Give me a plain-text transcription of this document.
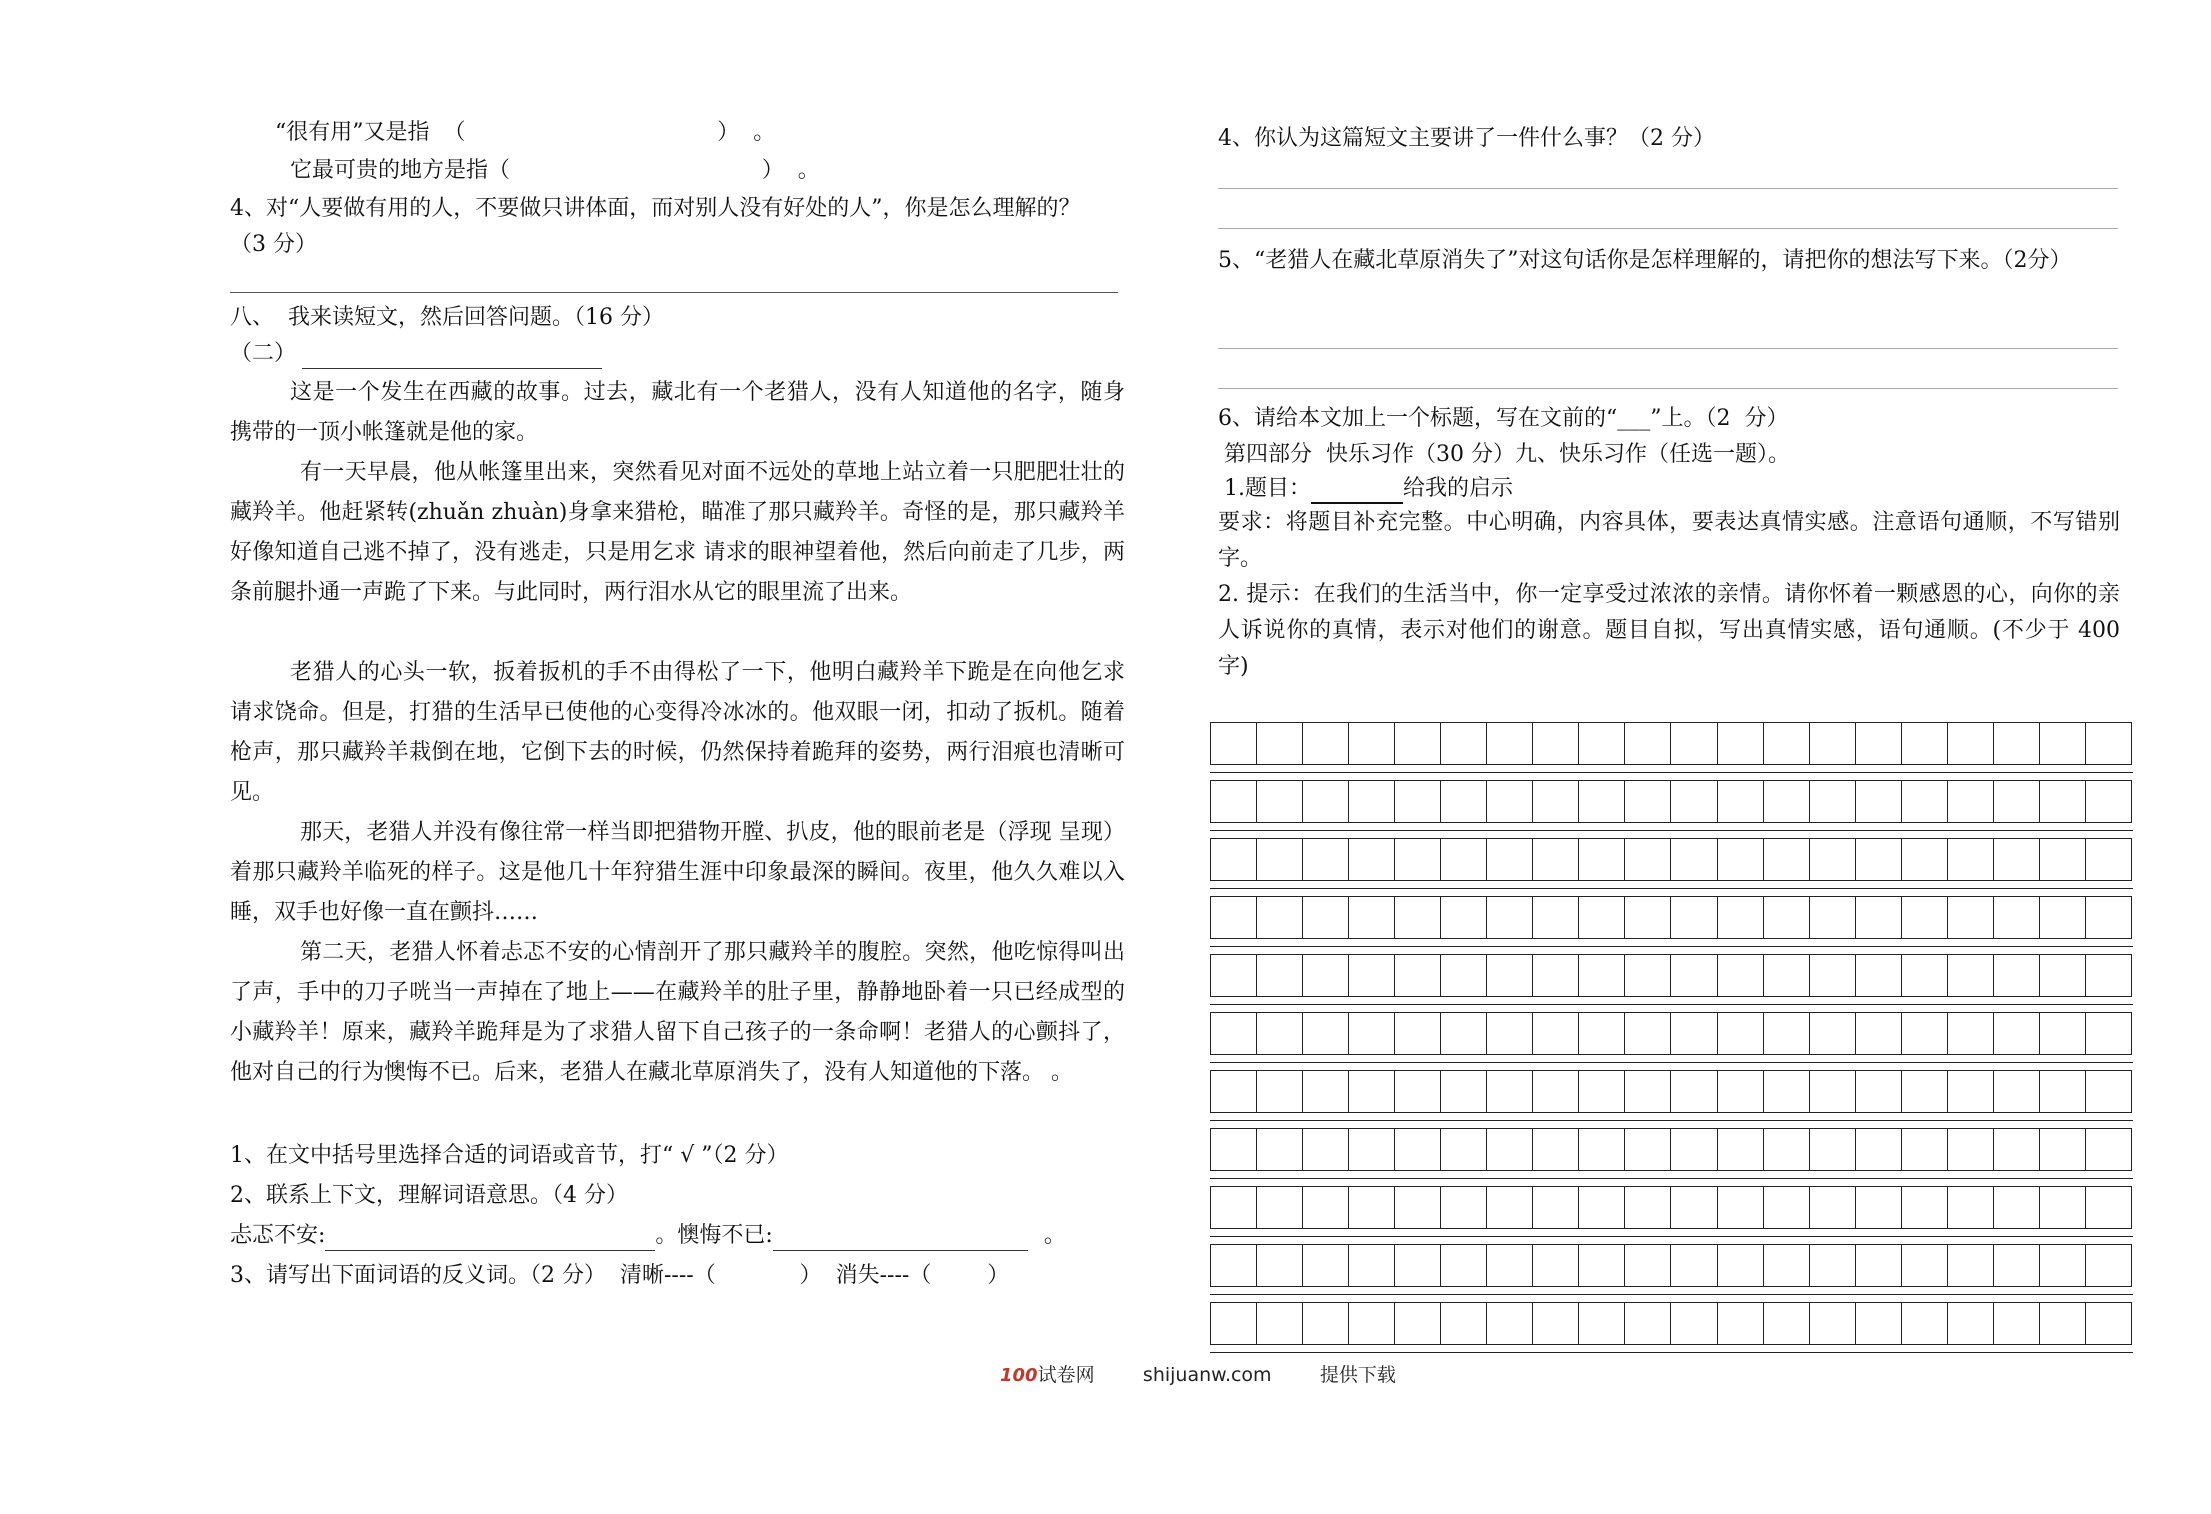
“很有用”又是指  （                                    ）  。
它最可贵的地方是指（                                    ）  。
4、对“人要做有用的人，不要做只讲体面，而对别人没有好处的人”，你是怎么理解的？
（3 分）
八、  我来读短文，然后回答问题。（16 分）
（二）
这是一个发生在西藏的故事。过去，藏北有一个老猎人，没有人知道他的名字，随身携带的一顶小帐篷就是他的家。
有一天早晨，他从帐篷里出来，突然看见对面不远处的草地上站立着一只肥肥壮壮的藏羚羊。他赶紧转(zhuǎn zhuàn)身拿来猎枪，瞄准了那只藏羚羊。奇怪的是，那只藏羚羊好像知道自己逃不掉了，没有逃走，只是用乞求 请求的眼神望着他，然后向前走了几步，两条前腿扑通一声跪了下来。与此同时，两行泪水从它的眼里流了出来。
老猎人的心头一软，扳着扳机的手不由得松了一下，他明白藏羚羊下跪是在向他乞求 请求饶命。但是，打猎的生活早已使他的心变得冷冰冰的。他双眼一闭，扣动了扳机。随着枪声，那只藏羚羊栽倒在地，它倒下去的时候，仍然保持着跪拜的姿势，两行泪痕也清晰可见。
那天，老猎人并没有像往常一样当即把猎物开膛、扒皮，他的眼前老是（浮现 呈现）着那只藏羚羊临死的样子。这是他几十年狩猎生涯中印象最深的瞬间。夜里，他久久难以入睡，双手也好像一直在颤抖……
第二天，老猎人怀着忐忑不安的心情剖开了那只藏羚羊的腹腔。突然，他吃惊得叫出了声，手中的刀子咣当一声掉在了地上——在藏羚羊的肚子里，静静地卧着一只已经成型的小藏羚羊！原来，藏羚羊跪拜是为了求猎人留下自己孩子的一条命啊！老猎人的心颤抖了，他对自己的行为懊悔不已。后来，老猎人在藏北草原消失了，没有人知道他的下落。 。
1、在文中括号里选择合适的词语或音节，打“ √ ”（2 分）
2、联系上下文，理解词语意思。（4 分）
忐忑不安:	。懊悔不已:	。
3、请写出下面词语的反义词。（2 分）  清晰----（            ）  消失----（        ）
4、你认为这篇短文主要讲了一件什么事？（2 分）
5、“老猎人在藏北草原消失了”对这句话你是怎样理解的，请把你的想法写下来。（2分）
6、请给本文加上一个标题，写在文前的“___”上。（2  分）
第四部分  快乐习作（30 分）九、快乐习作（任选一题）。
1.题目：	给我的启示
要求：将题目补充完整。中心明确，内容具体，要表达真情实感。注意语句通顺，不写错别字。
2. 提示：在我们的生活当中，你一定享受过浓浓的亲情。请你怀着一颗感恩的心，向你的亲人诉说你的真情，表示对他们的谢意。题目自拟，写出真情实感，语句通顺。(不少于 400 字)
100试卷网	shijuanw.com	提供下载
